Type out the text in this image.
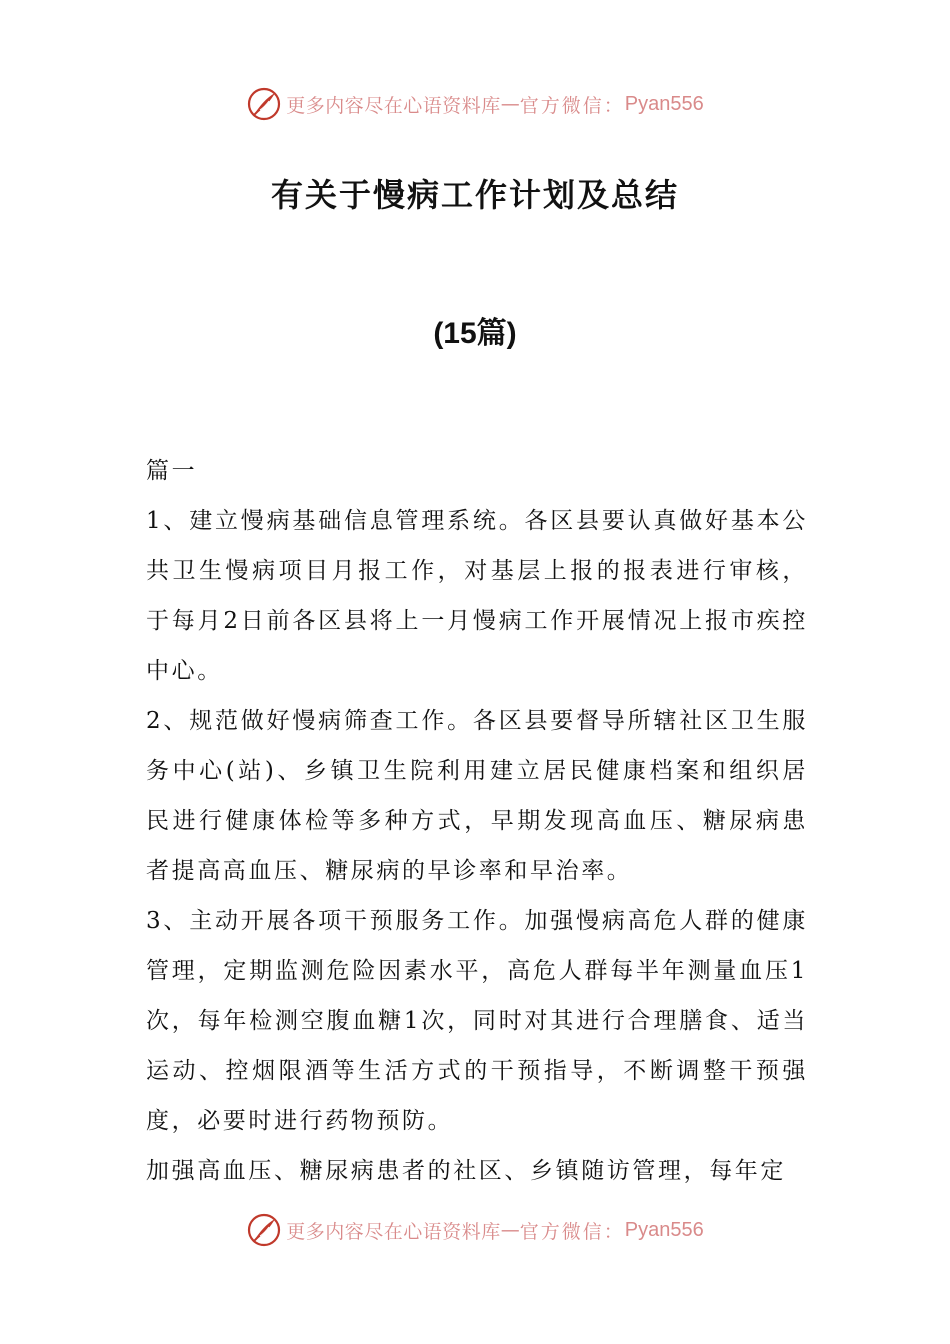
更多内容尽在心语资料库 — 官方微信： Pyan556
有关于慢病工作计划及总结
(15篇)

篇一

1、建立慢病基础信息管理系统。各区县要认真做好基本公共卫生慢病项目月报工作，对基层上报的报表进行审核，于每月2日前各区县将上一月慢病工作开展情况上报市疾控中心。

2、规范做好慢病筛查工作。各区县要督导所辖社区卫生服务中心(站)、乡镇卫生院利用建立居民健康档案和组织居民进行健康体检等多种方式，早期发现高血压、糖尿病患者提高高血压、糖尿病的早诊率和早治率。

3、主动开展各项干预服务工作。加强慢病高危人群的健康管理，定期监测危险因素水平，高危人群每半年测量血压1次，每年检测空腹血糖1次，同时对其进行合理膳食、适当运动、控烟限酒等生活方式的干预指导，不断调整干预强度，必要时进行药物预防。

加强高血压、糖尿病患者的社区、乡镇随访管理，每年定

更多内容尽在心语资料库 — 官方微信： Pyan556
